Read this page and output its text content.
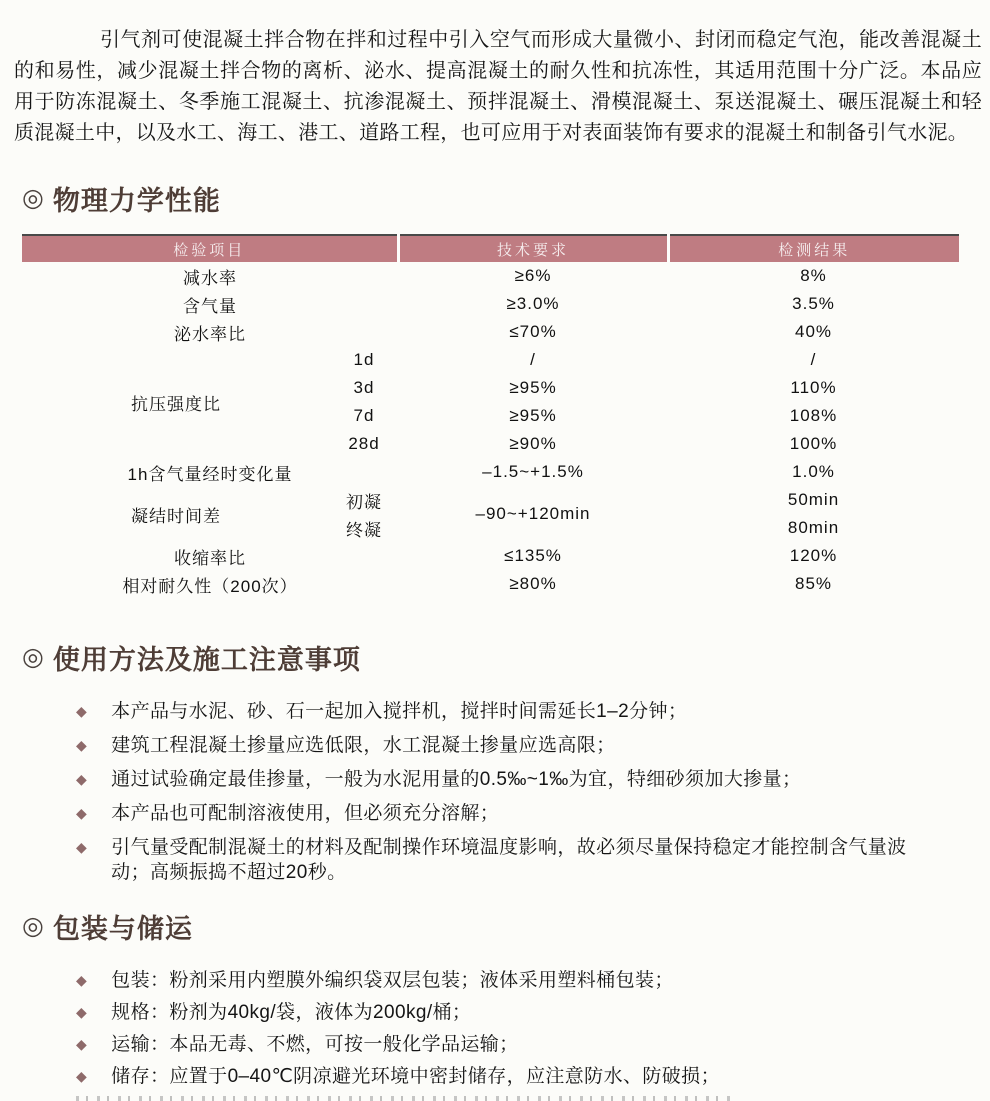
引气剂可使混凝土拌合物在拌和过程中引入空气而形成大量微小、封闭而稳定气泡，能改善混凝土的和易性，减少混凝土拌合物的离析、泌水、提高混凝土的耐久性和抗冻性，其适用范围十分广泛。本品应用于防冻混凝土、冬季施工混凝土、抗渗混凝土、预拌混凝土、滑模混凝土、泵送混凝土、碾压混凝土和轻质混凝土中，以及水工、海工、港工、道路工程，也可应用于对表面装饰有要求的混凝土和制备引气水泥。

◎ 物理力学性能
检验项目		技术要求	检测结果
减水率		≥6%	8%
含气量		≥3.0%	3.5%
泌水率比		≤70%	40%
抗压强度比	1d	/	/
	3d	≥95%	110%
	7d	≥95%	108%
	28d	≥90%	100%
1h含气量经时变化量		–1.5~+1.5%	1.0%
凝结时间差	初凝	–90~+120min	50min
	终凝		80min
收缩率比		≤135%	120%
相对耐久性（200次）		≥80%	85%
◎ 使用方法及施工注意事项
◆ 本产品与水泥、砂、石一起加入搅拌机，搅拌时间需延长1–2分钟；
◆ 建筑工程混凝土掺量应选低限，水工混凝土掺量应选高限；
◆ 通过试验确定最佳掺量，一般为水泥用量的0.5‰~1‰为宜，特细砂须加大掺量；
◆ 本产品也可配制溶液使用，但必须充分溶解；
◆ 引气量受配制混凝土的材料及配制操作环境温度影响，故必须尽量保持稳定才能控制含气量波动；高频振捣不超过20秒。
◎ 包装与储运
◆ 包装：粉剂采用内塑膜外编织袋双层包装；液体采用塑料桶包装；
◆ 规格：粉剂为40kg/袋，液体为200kg/桶；
◆ 运输：本品无毒、不燃，可按一般化学品运输；
◆ 储存：应置于0–40℃阴凉避光环境中密封储存，应注意防水、防破损；
